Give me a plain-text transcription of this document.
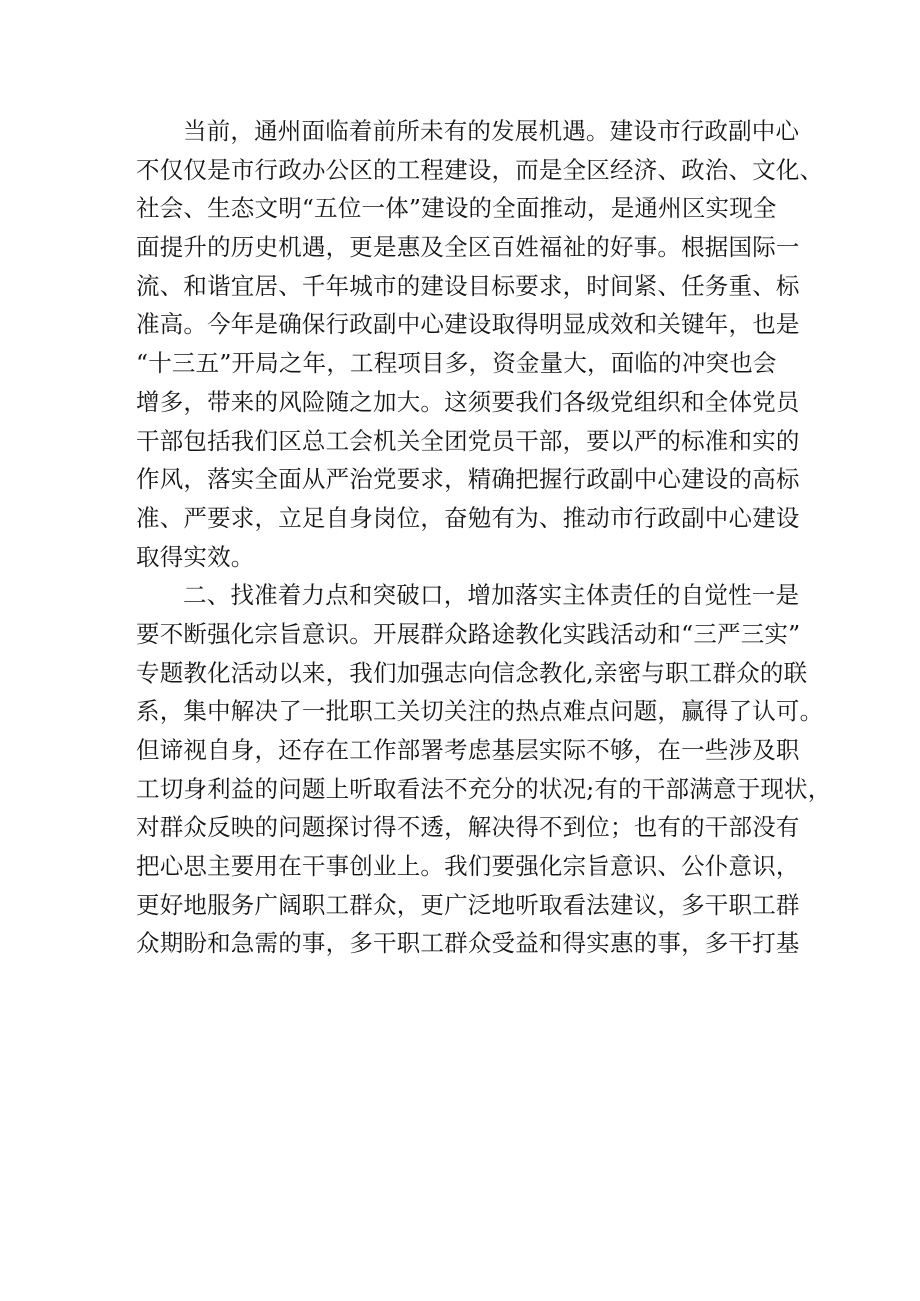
当前，通州面临着前所未有的发展机遇。建设市行政副中心
不仅仅是市行政办公区的工程建设，而是全区经济、政治、文化、
社会、生态文明“五位一体”建设的全面推动，是通州区实现全
面提升的历史机遇，更是惠及全区百姓福祉的好事。根据国际一
流、和谐宜居、千年城市的建设目标要求，时间紧、任务重、标
准高。今年是确保行政副中心建设取得明显成效和关键年，也是
“十三五”开局之年，工程项目多，资金量大，面临的冲突也会
增多，带来的风险随之加大。这须要我们各级党组织和全体党员
干部包括我们区总工会机关全团党员干部，要以严的标准和实的
作风，落实全面从严治党要求，精确把握行政副中心建设的高标
准、严要求，立足自身岗位，奋勉有为、推动市行政副中心建设
取得实效。
二、找准着力点和突破口，增加落实主体责任的自觉性一是
要不断强化宗旨意识。开展群众路途教化实践活动和“三严三实”
专题教化活动以来，我们加强志向信念教化,亲密与职工群众的联
系，集中解决了一批职工关切关注的热点难点问题，赢得了认可。
但谛视自身，还存在工作部署考虑基层实际不够，在一些涉及职
工切身利益的问题上听取看法不充分的状况;有的干部满意于现状，
对群众反映的问题探讨得不透，解决得不到位；也有的干部没有
把心思主要用在干事创业上。我们要强化宗旨意识、公仆意识，
更好地服务广阔职工群众，更广泛地听取看法建议，多干职工群
众期盼和急需的事，多干职工群众受益和得实惠的事，多干打基
